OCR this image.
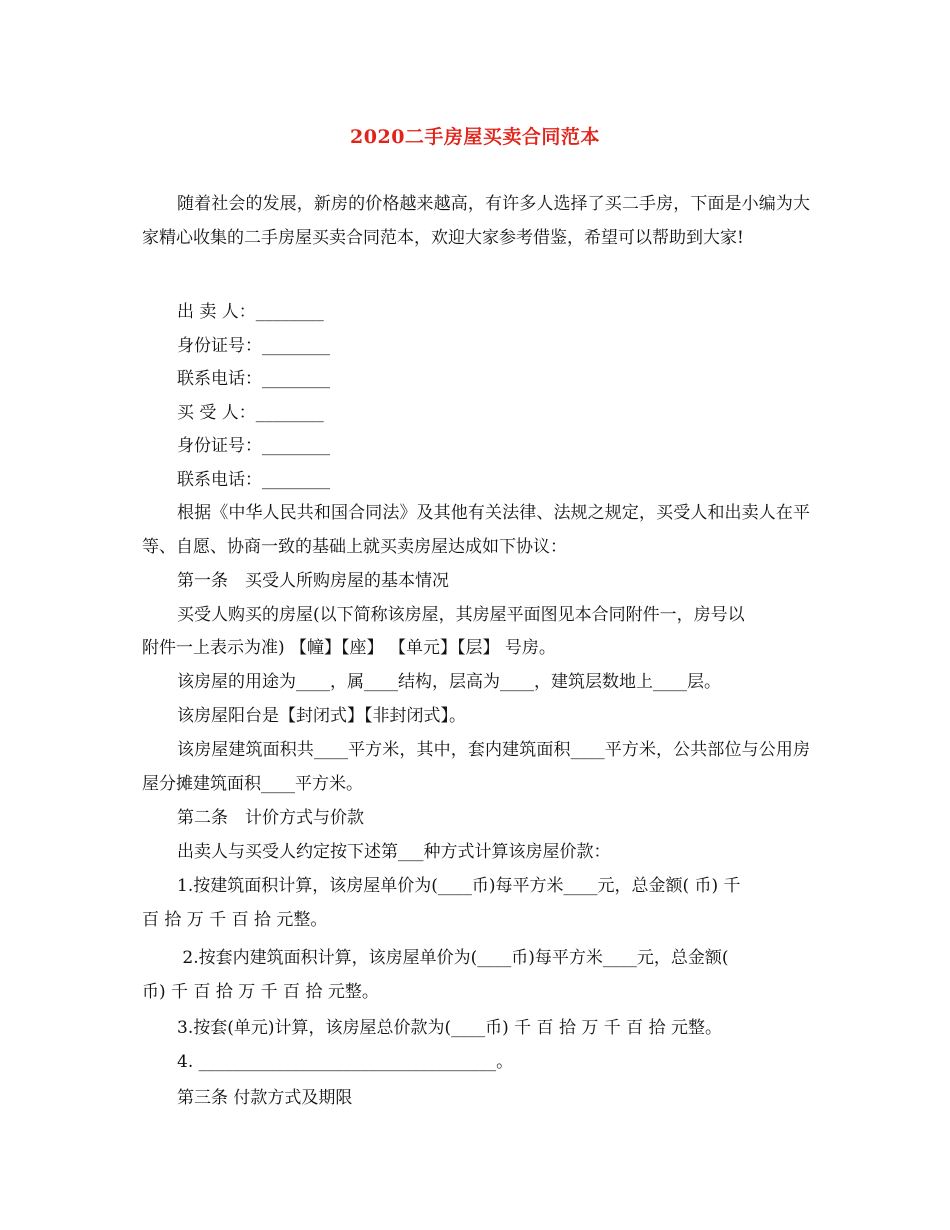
2020二手房屋买卖合同范本

随着社会的发展，新房的价格越来越高，有许多人选择了买二手房，下面是小编为大家精心收集的二手房屋买卖合同范本，欢迎大家参考借鉴，希望可以帮助到大家!

出 卖 人：________

身份证号：________

联系电话：________

买 受 人：________

身份证号：________

联系电话：________

根据《中华人民共和国合同法》及其他有关法律、法规之规定，买受人和出卖人在平等、自愿、协商一致的基础上就买卖房屋达成如下协议：

第一条　买受人所购房屋的基本情况

买受人购买的房屋(以下简称该房屋，其房屋平面图见本合同附件一，房号以

附件一上表示为准) 【幢】【座】 【单元】【层】 号房。

该房屋的用途为____，属____结构，层高为____，建筑层数地上____层。

该房屋阳台是【封闭式】【非封闭式】。

该房屋建筑面积共____平方米，其中，套内建筑面积____平方米，公共部位与公用房屋分摊建筑面积____平方米。

第二条　计价方式与价款

出卖人与买受人约定按下述第___种方式计算该房屋价款：

1.按建筑面积计算，该房屋单价为(____币)每平方米____元，总金额( 币) 千

百 拾 万 千 百 拾 元整。

2.按套内建筑面积计算，该房屋单价为(____币)每平方米____元，总金额(

币) 千 百 拾 万 千 百 拾 元整。

3.按套(单元)计算，该房屋总价款为(____币) 千 百 拾 万 千 百 拾 元整。

4. ___________________________________。

第三条 付款方式及期限
